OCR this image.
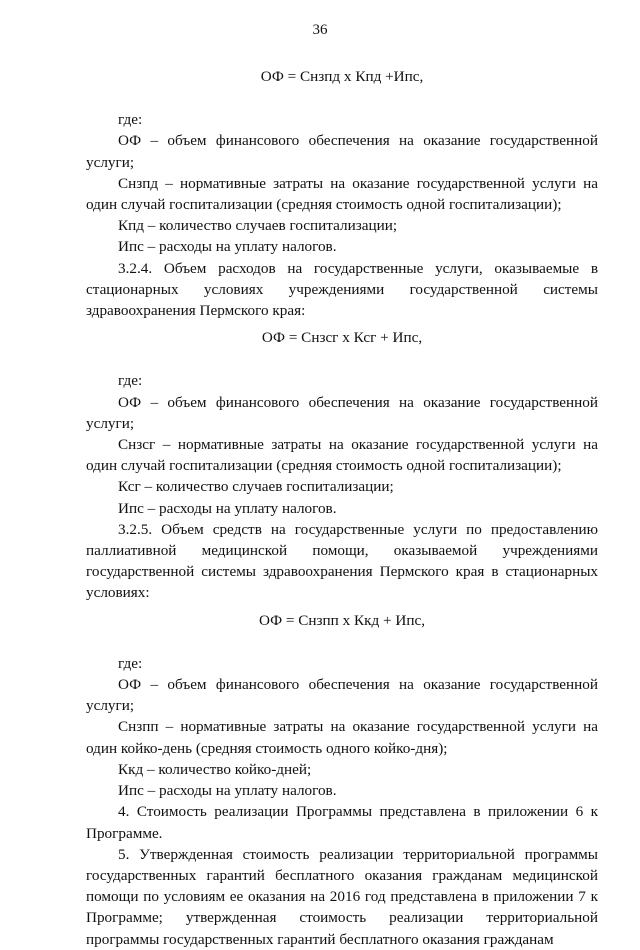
36
ОФ = Снзпд х Кпд +Ипс,

где:

ОФ – объем финансового обеспечения на оказание государственной услуги;

Снзпд – нормативные затраты на оказание государственной услуги на один случай госпитализации (средняя стоимость одной госпитализации);

Кпд – количество случаев госпитализации;

Ипс – расходы на уплату налогов.

3.2.4. Объем расходов на государственные услуги, оказываемые в стационарных условиях учреждениями государственной системы здравоохранения Пермского края:

ОФ = Снзсг х Ксг + Ипс,

где:

ОФ – объем финансового обеспечения на оказание государственной услуги;

Снзсг – нормативные затраты на оказание государственной услуги на один случай госпитализации (средняя стоимость одной госпитализации);

Ксг – количество случаев госпитализации;

Ипс – расходы на уплату налогов.

3.2.5. Объем средств на государственные услуги по предоставлению паллиативной медицинской помощи, оказываемой учреждениями государственной системы здравоохранения Пермского края в стационарных условиях:

ОФ = Снзпп х Ккд + Ипс,

где:

ОФ – объем финансового обеспечения на оказание государственной услуги;

Снзпп – нормативные затраты на оказание государственной услуги на один койко-день (средняя стоимость одного койко-дня);

Ккд – количество койко-дней;

Ипс – расходы на уплату налогов.

4. Стоимость реализации Программы представлена в приложении 6 к Программе.

5. Утвержденная стоимость реализации территориальной программы государственных гарантий бесплатного оказания гражданам медицинской помощи по условиям ее оказания на 2016 год представлена в приложении 7 к Программе; утвержденная стоимость реализации территориальной программы государственных гарантий бесплатного оказания гражданам
